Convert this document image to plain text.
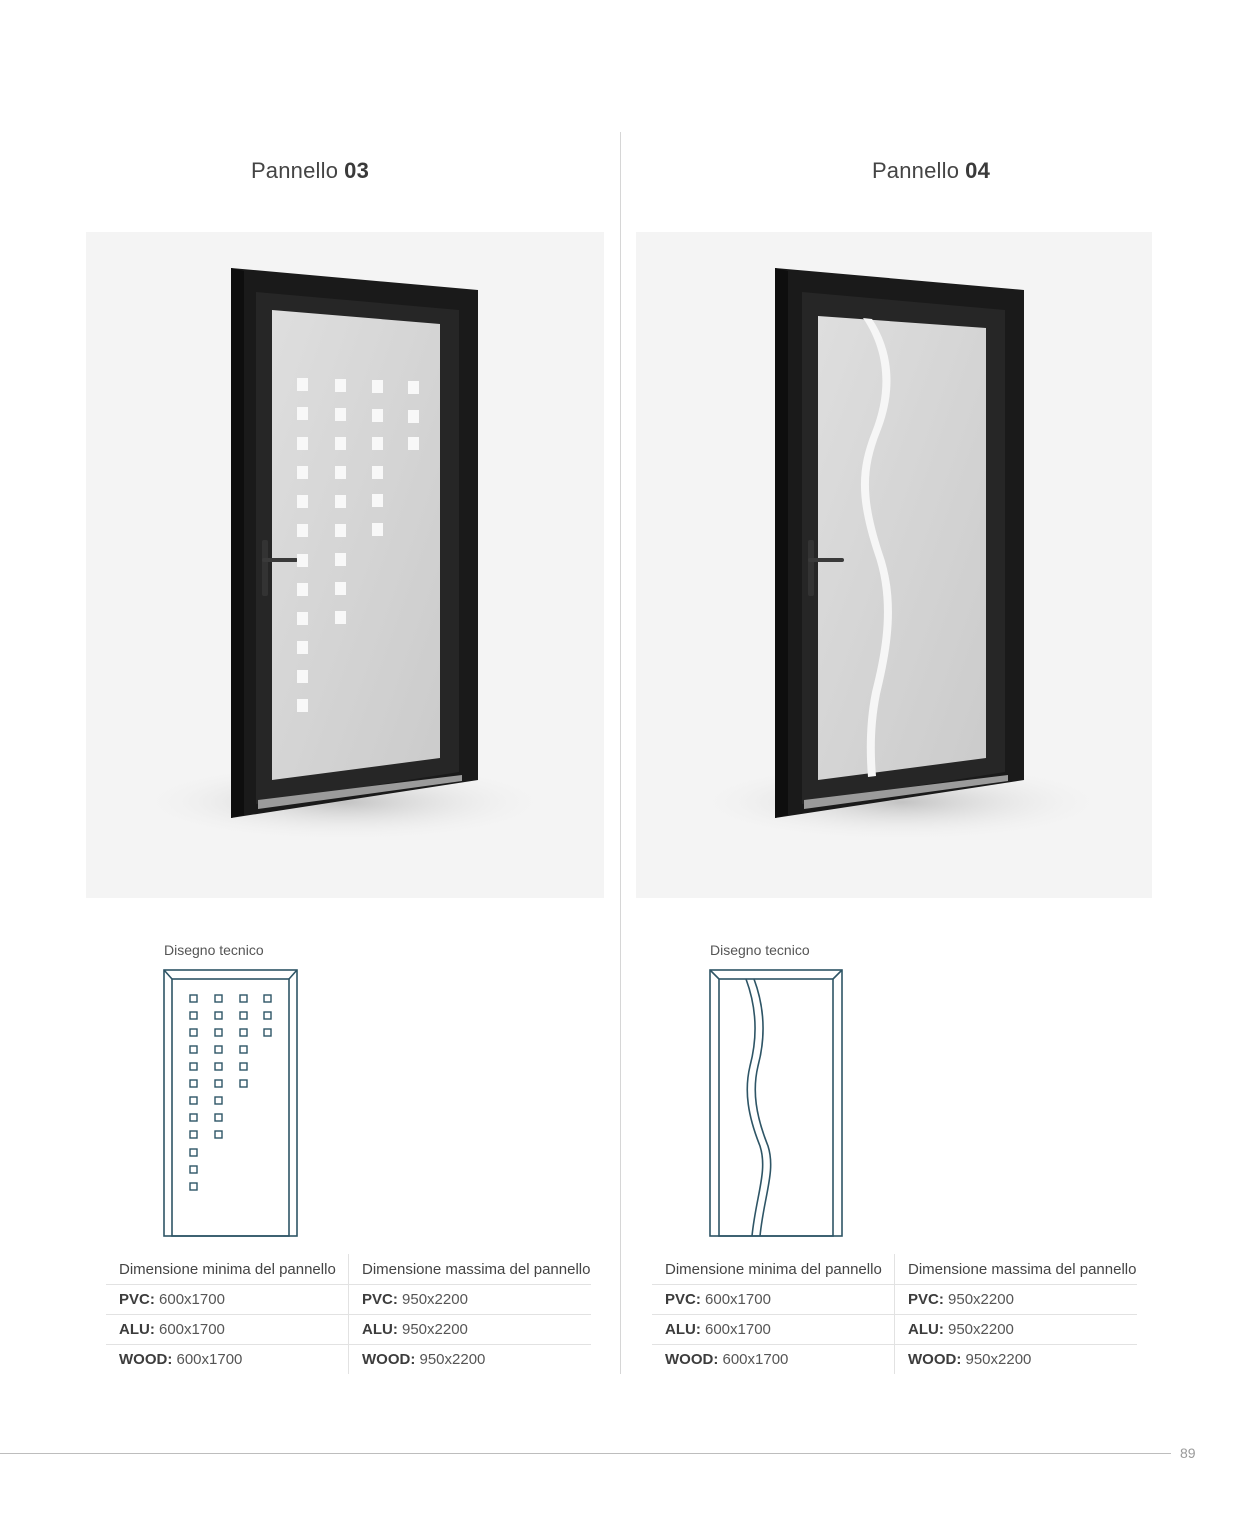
Pannello 03
Disegno tecnico
Dimensione minima del pannello	Dimensione massima del pannello
PVC: 600x1700	PVC: 950x2200
ALU: 600x1700	ALU: 950x2200
WOOD: 600x1700	WOOD: 950x2200
Pannello 04
Disegno tecnico
Dimensione minima del pannello	Dimensione massima del pannello
PVC: 600x1700	PVC: 950x2200
ALU: 600x1700	ALU: 950x2200
WOOD: 600x1700	WOOD: 950x2200
89
